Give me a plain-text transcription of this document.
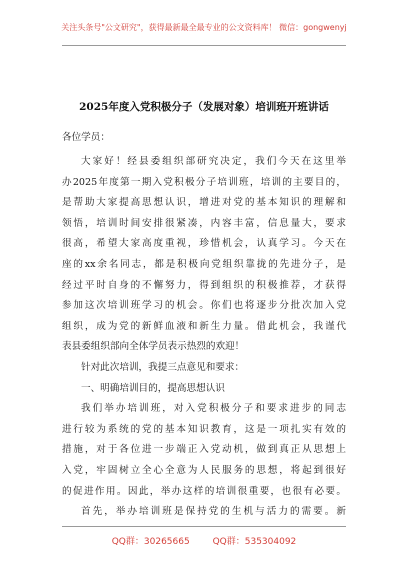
关注头条号"公文研究"，获得最新最全最专业的公文资料库！ 微信：gongwenyj
2025年度入党积极分子（发展对象）培训班开班讲话
各位学员：
大家好！经县委组织部研究决定，我们今天在这里举
办2025年度第一期入党积极分子培训班，培训的主要目的，
是帮助大家提高思想认识，增进对党的基本知识的理解和
领悟，培训时间安排很紧凑，内容丰富，信息量大，要求
很高，希望大家高度重视，珍惜机会，认真学习。今天在
座的xx余名同志，都是积极向党组织靠拢的先进分子，是
经过平时自身的不懈努力，得到组织的积极推荐，才获得
参加这次培训班学习的机会。你们也将逐步分批次加入党
组织，成为党的新鲜血液和新生力量。借此机会，我谨代
表县委组织部向全体学员表示热烈的欢迎！
针对此次培训，我提三点意见和要求：
一、明确培训目的，提高思想认识
我们举办培训班，对入党积极分子和要求进步的同志
进行较为系统的党的基本知识教育，这是一项扎实有效的
措施，对于各位进一步端正入党动机，做到真正从思想上
入党，牢固树立全心全意为人民服务的思想，将起到很好
的促进作用。因此，举办这样的培训很重要，也很有必要。
首先，举办培训班是保持党的生机与活力的需要。新
QQ群：30265665	QQ群：535304092
